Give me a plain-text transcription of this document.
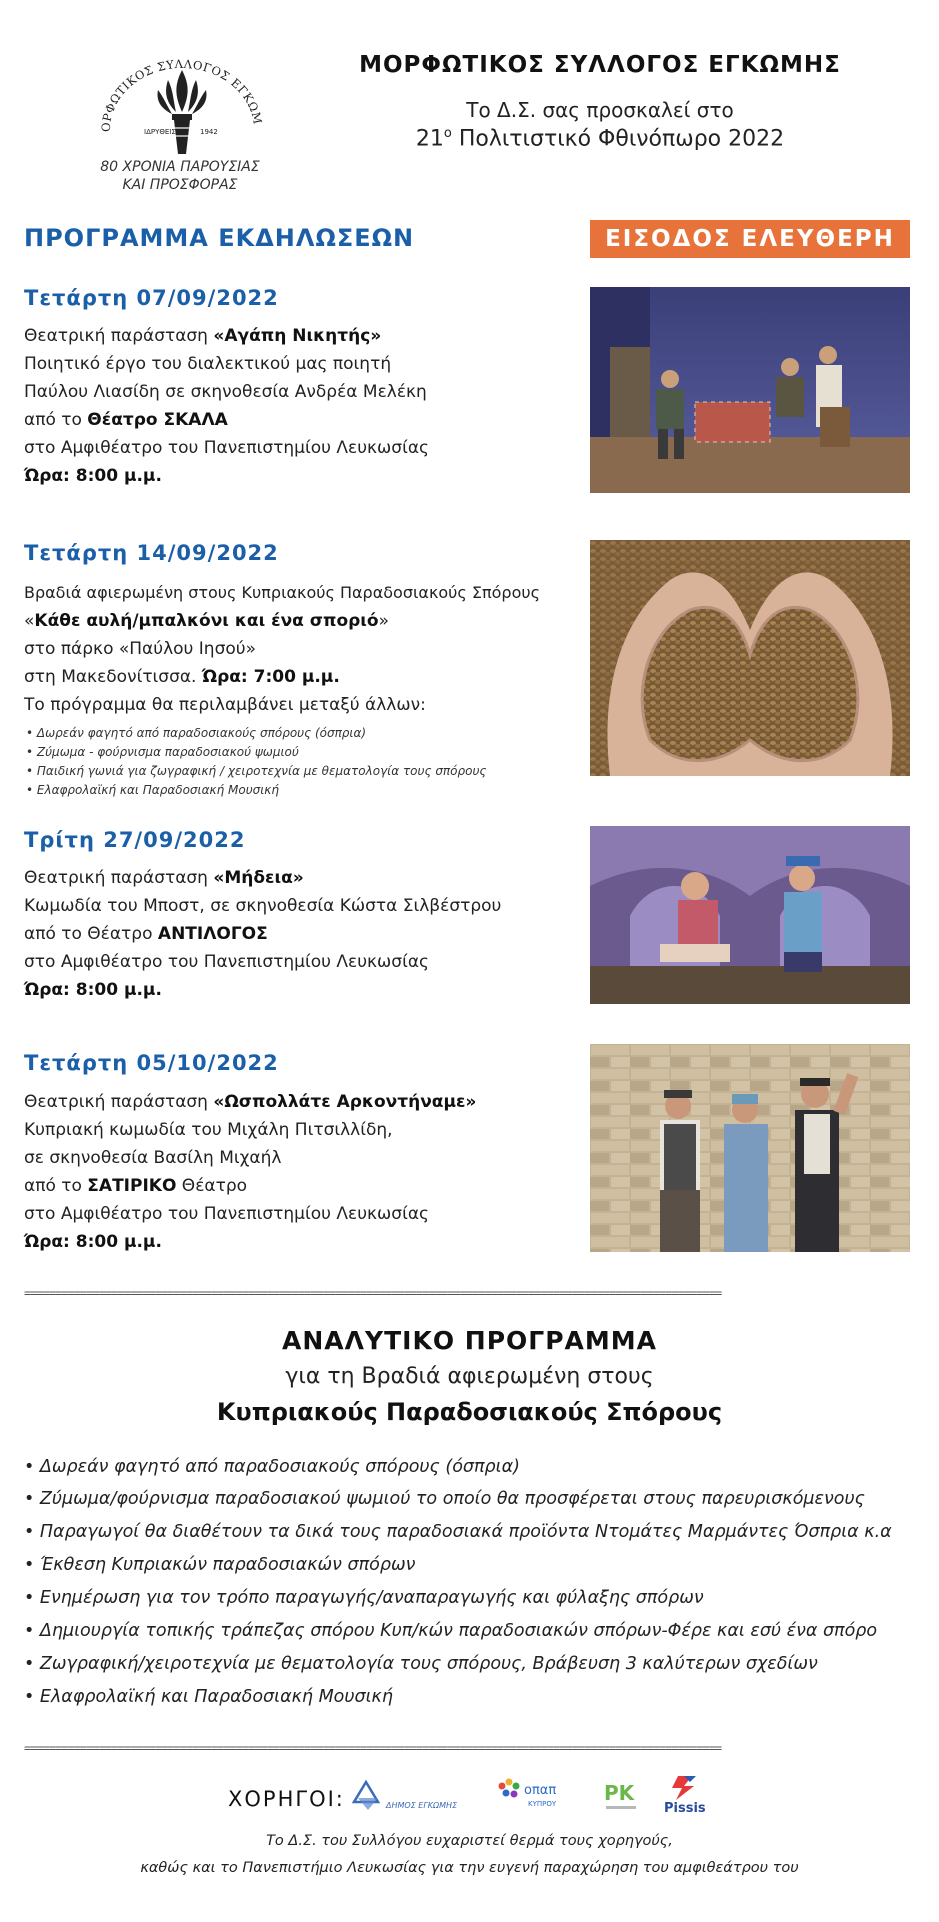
ΟΡΦΩΤΙΚΟΣ ΣΥΛΛΟΓΟΣ ΕΓΚΩΜ
ΙΔΡΥΘΕΙΣ	1942
80 ΧΡΟΝΙΑ ΠΑΡΟΥΣΙΑΣ
ΚΑΙ ΠΡΟΣΦΟΡΑΣ
ΜΟΡΦΩΤΙΚΟΣ ΣΥΛΛΟΓΟΣ ΕΓΚΩΜΗΣ
Το Δ.Σ. σας προσκαλεί στο
$21^o$ Πολιτιστικό Φθινόπωρο 2022
ΠΡΟΓΡΑΜΜΑ ΕΚΔΗΛΩΣΕΩΝ	ΕΙΣΟΔΟΣ ΕΛΕΥΘΕΡΗ
Τετάρτη 07/09/2022
Θεατρική παράσταση «Αγάπη Νικητής»
Ποιητικό έργο του διαλεκτικού μας ποιητή
Παύλου Λιασίδη σε σκηνοθεσία Ανδρέα Μελέκη
από το Θέατρο ΣΚΑΛΑ
στο Αμφιθέατρο του Πανεπιστημίου Λευκωσίας
Ώρα: 8:00 μ.μ.
Τετάρτη 14/09/2022
Βραδιά αφιερωμένη στους Κυπριακούς Παραδοσιακούς Σπόρους
«Κάθε αυλή/μπαλκόνι και ένα σποριό»
στο πάρκο «Παύλου Ιησού»
στη Μακεδονίτισσα. Ώρα: 7:00 μ.μ.
Το πρόγραμμα θα περιλαμβάνει μεταξύ άλλων:
• Δωρεάν φαγητό από παραδοσιακούς σπόρους (όσπρια)
• Ζύμωμα - φούρνισμα παραδοσιακού ψωμιού
• Παιδική γωνιά για ζωγραφική / χειροτεχνία με θεματολογία τους σπόρους
• Ελαφρολαϊκή και Παραδοσιακή Μουσική
Τρίτη 27/09/2022
Θεατρική παράσταση «Μήδεια»
Κωμωδία του Μποστ, σε σκηνοθεσία Κώστα Σιλβέστρου
από το Θέατρο ΑΝΤΙΛΟΓΟΣ
στο Αμφιθέατρο του Πανεπιστημίου Λευκωσίας
Ώρα: 8:00 μ.μ.
Τετάρτη 05/10/2022
Θεατρική παράσταση «Ωσπολλάτε Αρκοντήναμε»
Κυπριακή κωμωδία του Μιχάλη Πιτσιλλίδη,
σε σκηνοθεσία Βασίλη Μιχαήλ
από το ΣΑΤΙΡΙΚΟ Θέατρο
στο Αμφιθέατρο του Πανεπιστημίου Λευκωσίας
Ώρα: 8:00 μ.μ.
================================================================================================================
ΑΝΑΛΥΤΙΚΟ ΠΡΟΓΡΑΜΜΑ
για τη Βραδιά αφιερωμένη στους
Κυπριακούς Παραδοσιακούς Σπόρους
• Δωρεάν φαγητό από παραδοσιακούς σπόρους (όσπρια)
• Ζύμωμα/φούρνισμα παραδοσιακού ψωμιού το οποίο θα προσφέρεται στους παρευρισκόμενους
• Παραγωγοί θα διαθέτουν τα δικά τους παραδοσιακά προϊόντα Ντομάτες Μαρμάντες Όσπρια κ.α
• Έκθεση Κυπριακών παραδοσιακών σπόρων
• Ενημέρωση για τον τρόπο παραγωγής/αναπαραγωγής και φύλαξης σπόρων
• Δημιουργία τοπικής τράπεζας σπόρου Κυπ/κών παραδοσιακών σπόρων-Φέρε και εσύ ένα σπόρο
• Ζωγραφική/χειροτεχνία με θεματολογία τους σπόρους, Βράβευση 3 καλύτερων σχεδίων
• Ελαφρολαϊκή και Παραδοσιακή Μουσική
================================================================================================================
ΧΟΡΗΓΟΙ:	ΔΗΜΟΣ ΕΓΚΩΜΗΣ
οπαπ
ΚΥΠΡΟΥ ΡΚ
Pissis
Το Δ.Σ. του Συλλόγου ευχαριστεί θερμά τους χορηγούς,
καθώς και το Πανεπιστήμιο Λευκωσίας για την ευγενή παραχώρηση του αμφιθεάτρου του
